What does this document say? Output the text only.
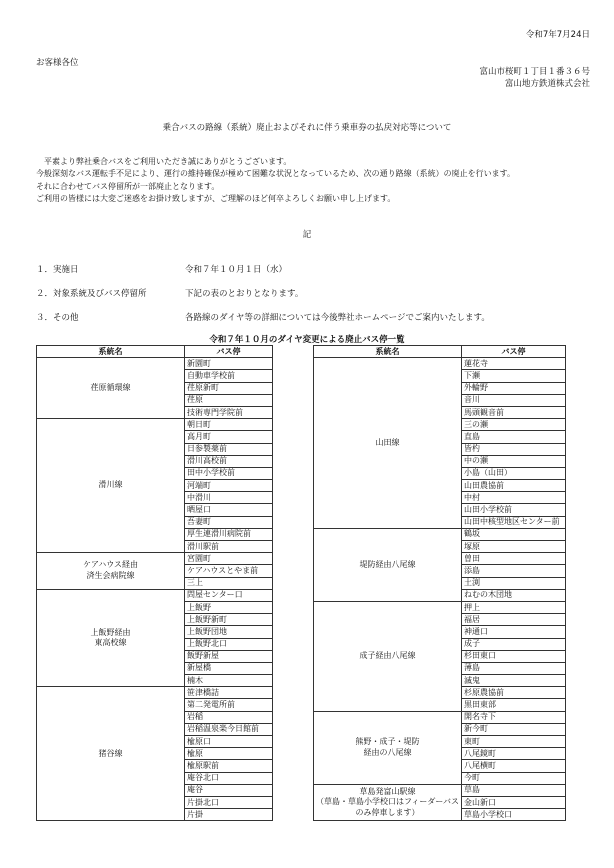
令和7年7月24日
お客様各位
富山市桜町１丁目１番３６号
富山地方鉄道株式会社
乗合バスの路線（系統）廃止およびそれに伴う乗車券の払戻対応等について
　平素より弊社乗合バスをご利用いただき誠にありがとうございます。
今般深刻なバス運転手不足により、運行の維持確保が極めて困難な状況となっているため、次の通り路線（系統）の廃止を行います。
それに合わせてバス停留所が一部廃止となります。
ご利用の皆様には大変ご迷惑をお掛け致しますが、ご理解のほど何卒よろしくお願い申し上げます。
記
１．実施日	令和７年１０月１日（水）
２．対象系統及びバス停留所	下記の表のとおりとなります。
３．その他	各路線のダイヤ等の詳細については今後弊社ホームページでご案内いたします。
令和７年１０月のダイヤ変更による廃止バス停一覧
系統名	バス停
荏原循環線	新園町
	自動車学校前
	荏原新町
	荏原
	技術専門学院前
滑川線	朝日町
	高月町
	日参製薬前
	滑川高校前
	田中小学校前
	河端町
	中滑川
	晒屋口
	吾妻町
	厚生連滑川病院前
	滑川駅前
ケアハウス経由
済生会病院線	宮園町
	ケアハウスとやま前
	三上
上飯野経由
東高校線	問屋センター口
	上飯野
	上飯野新町
	上飯野団地
	上飯野北口
	飯野新屋
	新屋橋
	楠木
猪谷線	笹津橋詰
	第二発電所前
	岩稲
	岩稲温泉楽今日館前
	楡原口
	楡原
	楡原駅前
	庵谷北口
	庵谷
	片掛北口
	片掛
系統名	バス停
山田線	蓮花寺
	下瀬
	外輪野
	音川
	馬頭観音前
	三の瀬
	直島
	皆杓
	中の瀬
	小島（山田）
	山田農協前
	中村
	山田小学校前
	山田中核型地区センター前
堤防経由八尾線	鶴坂
	塚原
	曽田
	添島
	土渕
	ねむの木団地
成子経由八尾線	押上
	福居
	神通口
	成子
	杉田東口
	薄島
	滅鬼
	杉原農協前
	黒田東部
熊野・成子・堤防
経由の八尾線	開名寺下
	新今町
	東町
	八尾鏡町
	八尾横町
	今町
草島発富山駅線
（草島・草島小学校口はフィーダーバス
のみ停車します）	草島
	金山新口
	草島小学校口
